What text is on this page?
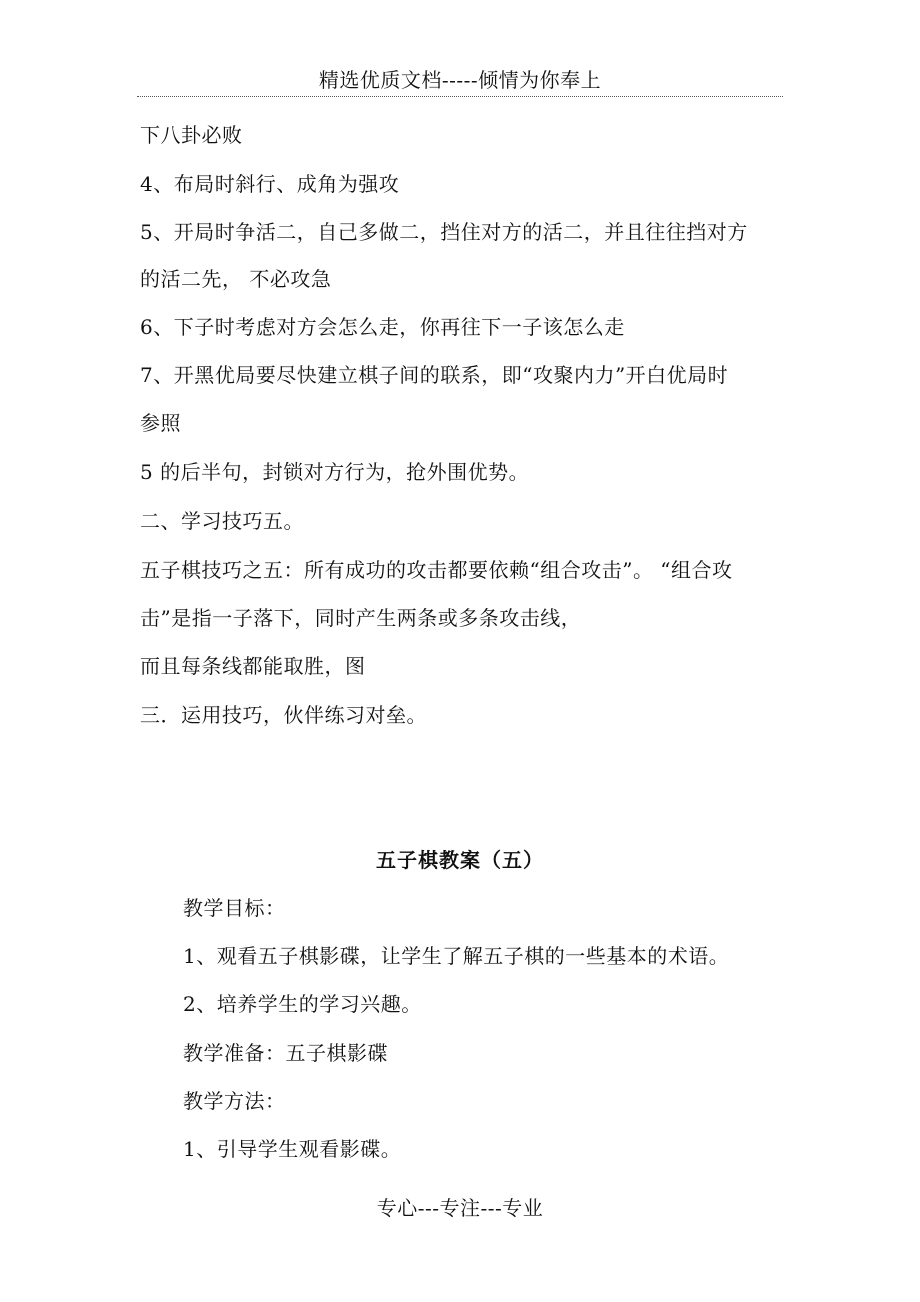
精选优质文档-----倾情为你奉上
下八卦必败
4、布局时斜行、成角为强攻
5、开局时争活二，自己多做二，挡住对方的活二，并且往往挡对方
的活二先， 不必攻急
6、下子时考虑对方会怎么走，你再往下一子该怎么走
7、开黑优局要尽快建立棋子间的联系，即“攻聚内力”开白优局时
参照
5 的后半句，封锁对方行为，抢外围优势。
二、学习技巧五。
五子棋技巧之五：所有成功的攻击都要依赖“组合攻击”。 “组合攻
击”是指一子落下，同时产生两条或多条攻击线，
而且每条线都能取胜，图
三．运用技巧，伙伴练习对垒。
五子棋教案（五）
教学目标：
1、观看五子棋影碟，让学生了解五子棋的一些基本的术语。
2、培养学生的学习兴趣。
教学准备：五子棋影碟
教学方法：
1、引导学生观看影碟。
专心---专注---专业
